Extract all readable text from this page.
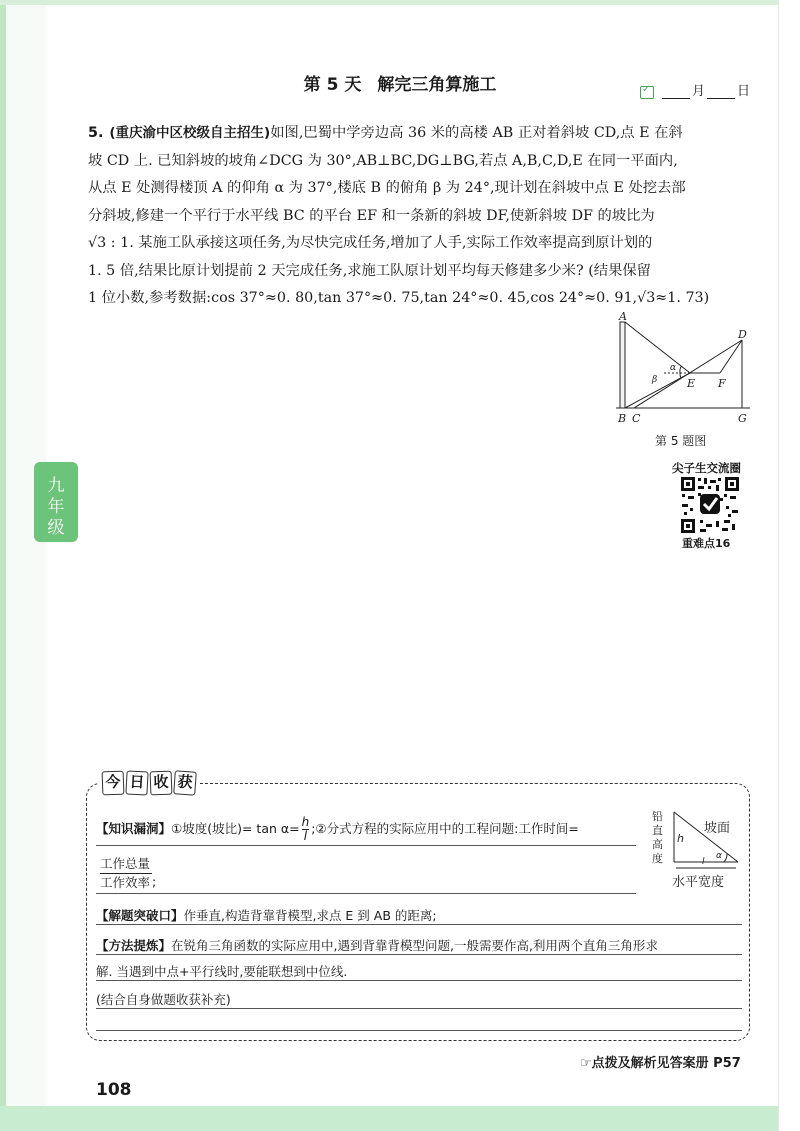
九
年
级
第 5 天 解完三角算施工
✓	月 日
5. (重庆渝中区校级自主招生)如图,巴蜀中学旁边高 36 米的高楼 AB 正对着斜坡 CD,点 E 在斜
坡 CD 上. 已知斜坡的坡角∠DCG 为 30°,AB⊥BC,DG⊥BG,若点 A,B,C,D,E 在同一平面内,
从点 E 处测得楼顶 A 的仰角 α 为 37°,楼底 B 的俯角 β 为 24°,现计划在斜坡中点 E 处挖去部
分斜坡,修建一个平行于水平线 BC 的平台 EF 和一条新的斜坡 DF,使新斜坡 DF 的坡比为
√3 : 1. 某施工队承接这项任务,为尽快完成任务,增加了人手,实际工作效率提高到原计划的
1. 5 倍,结果比原计划提前 2 天完成任务,求施工队原计划平均每天修建多少米? (结果保留
1 位小数,参考数据:cos 37°≈0. 80,tan 37°≈0. 75,tan 24°≈0. 45,cos 24°≈0. 91,√3≈1. 73)
A
B C
D
E F
G
α
β
第 5 题图
尖子生交流圈
重难点16
今 日 收 获
【知识漏洞】①坡度(坡比)= $\tan \alpha= \frac{h}{l}$ ;②分式方程的实际应用中的工程问题:工作时间=
工作总量
工作效率 ;
铅
直
高
度
h
l
α
坡面
水平宽度
【解题突破口】作垂直,构造背靠背模型,求点 E 到 AB 的距离;
【方法提炼】在锐角三角函数的实际应用中,遇到背靠背模型问题,一般需要作高,利用两个直角三角形求
解. 当遇到中点+平行线时,要能联想到中位线.
(结合自身做题收获补充)
☞点拨及解析见答案册 P57
108
